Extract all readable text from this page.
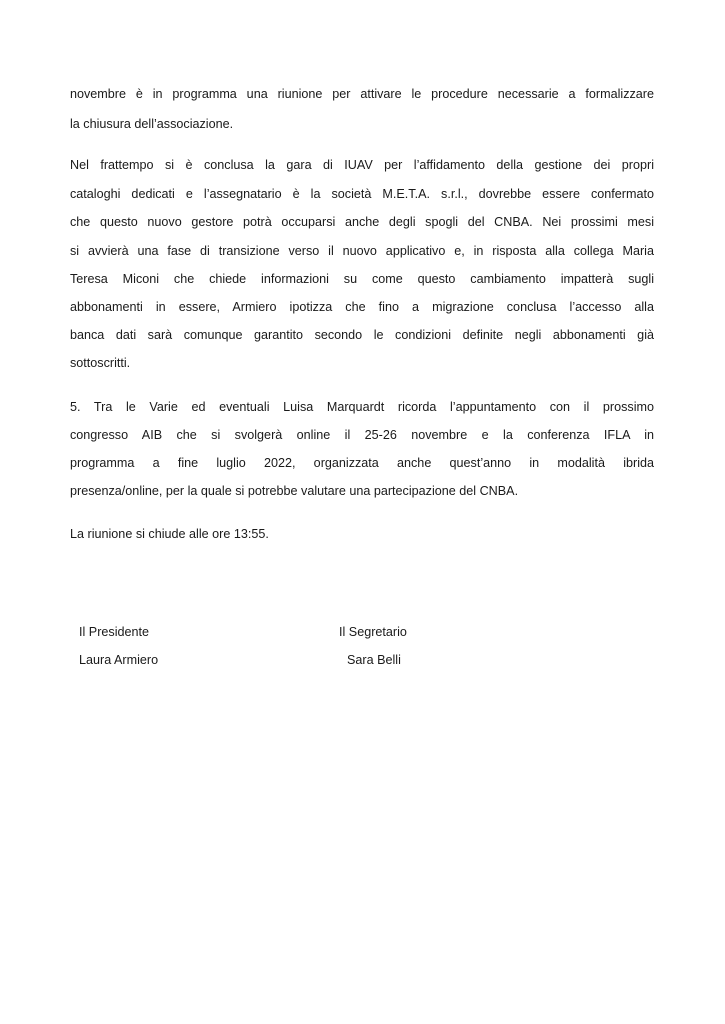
novembre è in programma una riunione per attivare le procedure necessarie a formalizzare
la chiusura dell’associazione.
Nel frattempo si è conclusa la gara di IUAV per l’affidamento della gestione dei propri
cataloghi dedicati e l’assegnatario è la società M.E.T.A. s.r.l., dovrebbe essere confermato
che questo nuovo gestore potrà occuparsi anche degli spogli del CNBA. Nei prossimi mesi
si avvierà una fase di transizione verso il nuovo applicativo e, in risposta alla collega Maria
Teresa Miconi che chiede informazioni su come questo cambiamento impatterà sugli
abbonamenti in essere, Armiero ipotizza che fino a migrazione conclusa l’accesso alla
banca dati sarà comunque garantito secondo le condizioni definite negli abbonamenti già
sottoscritti.
5. Tra le Varie ed eventuali Luisa Marquardt ricorda l’appuntamento con il prossimo
congresso AIB che si svolgerà online il 25-26 novembre e la conferenza IFLA in
programma a fine luglio 2022, organizzata anche quest’anno in modalità ibrida
presenza/online, per la quale si potrebbe valutare una partecipazione del CNBA.
La riunione si chiude alle ore 13:55.
Il Presidente
Laura Armiero
Il Segretario
Sara Belli
